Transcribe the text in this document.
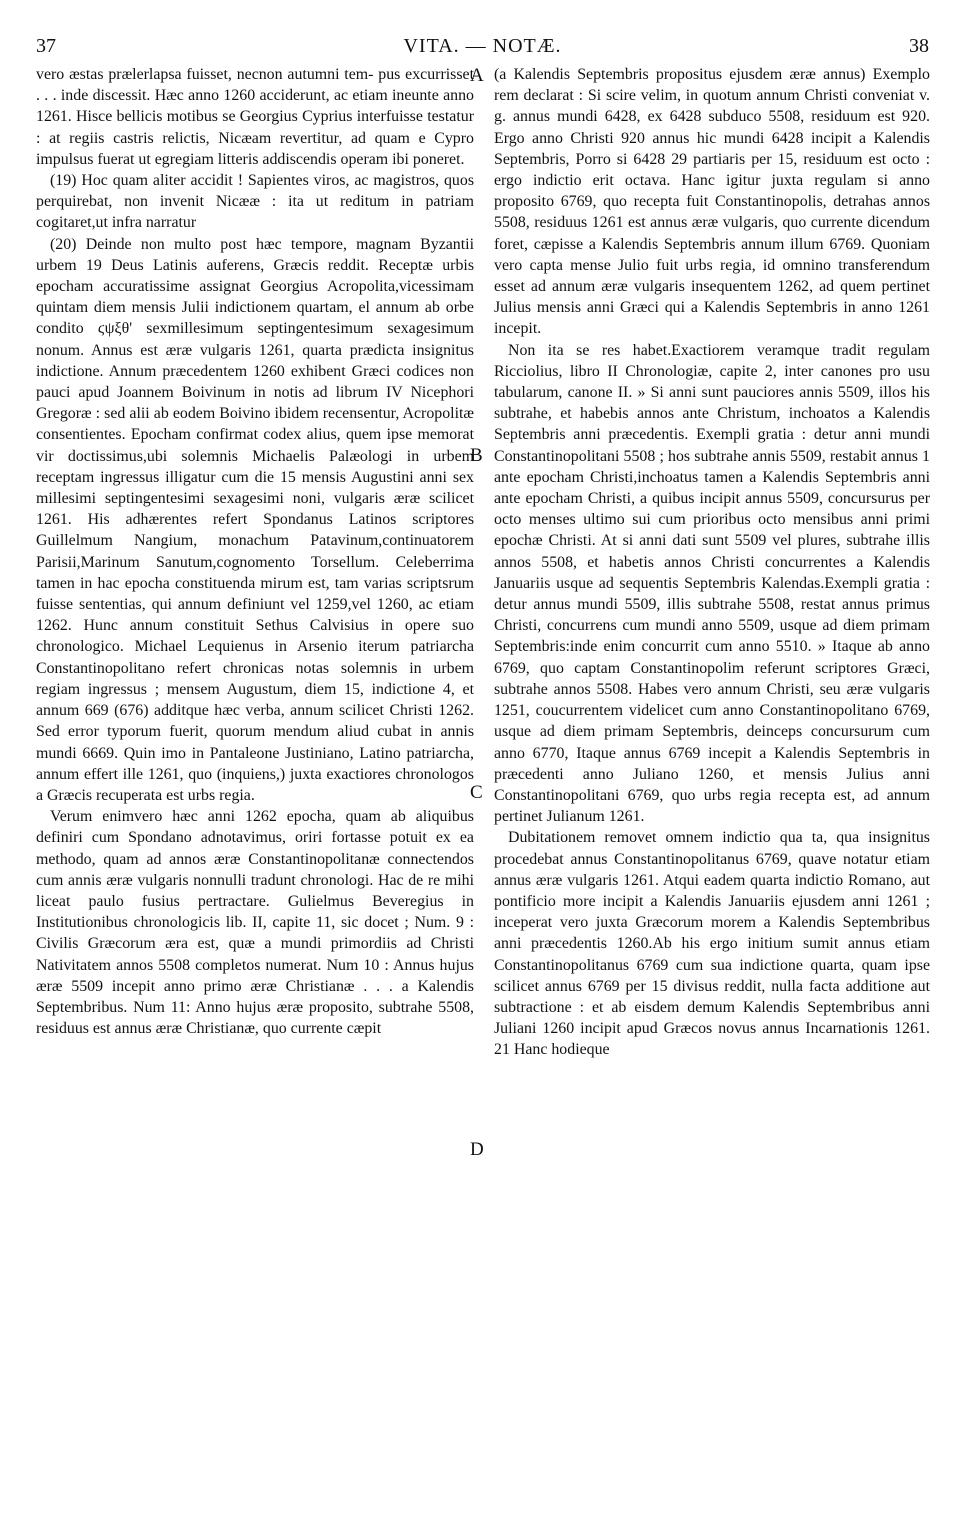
37	VITA. — NOTÆ.	38
A
B
C
D

vero æstas prælerlapsa fuisset, necnon autumni tem- pus excurrisset . . . inde discessit. Hæc anno 1260 acciderunt, ac etiam ineunte anno 1261. Hisce bellicis motibus se Georgius Cyprius interfuisse testatur : at regiis castris relictis, Nicæam revertitur, ad quam e Cypro impulsus fuerat ut egregiam litteris addiscendis operam ibi poneret.

(19) Hoc quam aliter accidit ! Sapientes viros, ac magistros, quos perquirebat, non invenit Nicææ : ita ut reditum in patriam cogitaret,ut infra narratur

(20) Deinde non multo post hæc tempore, magnam Byzantii urbem 19 Deus Latinis auferens, Græcis reddit. Receptæ urbis epocham accuratissime assignat Georgius Acropolita,vicessimam quintam diem mensis Julii indictionem quartam, el annum ab orbe condito ϛψξθ' sexmillesimum septingentesimum sexagesimum nonum. Annus est æræ vulgaris 1261, quarta prædicta insignitus indictione. Annum præcedentem 1260 exhibent Græci codices non pauci apud Joannem Boivinum in notis ad librum IV Nicephori Gregoræ : sed alii ab eodem Boivino ibidem recensentur, Acropolitæ consentientes. Epocham confirmat codex alius, quem ipse memorat vir doctissimus,ubi solemnis Michaelis Palæologi in urbem receptam ingressus illigatur cum die 15 mensis Augustini anni sex millesimi septingentesimi sexagesimi noni, vulgaris æræ scilicet 1261. His adhærentes refert Spondanus Latinos scriptores Guillelmum Nangium, monachum Patavinum,continuatorem Parisii,Marinum Sanutum,cognomento Torsellum. Celeberrima tamen in hac epocha constituenda mirum est, tam varias scriptsrum fuisse sententias, qui annum definiunt vel 1259,vel 1260, ac etiam 1262. Hunc annum constituit Sethus Calvisius in opere suo chronologico. Michael Lequienus in Arsenio iterum patriarcha Constantinopolitano refert chronicas notas solemnis in urbem regiam ingressus ; mensem Augustum, diem 15, indictione 4, et annum 669 (676) additque hæc verba, annum scilicet Christi 1262. Sed error typorum fuerit, quorum mendum aliud cubat in annis mundi 6669. Quin imo in Pantaleone Justiniano, Latino patriarcha, annum effert ille 1261, quo (inquiens,) juxta exactiores chronologos a Græcis recuperata est urbs regia.

Verum enimvero hæc anni 1262 epocha, quam ab aliquibus definiri cum Spondano adnotavimus, oriri fortasse potuit ex ea methodo, quam ad annos æræ Constantinopolitanæ connectendos cum annis æræ vulgaris nonnulli tradunt chronologi. Hac de re mihi liceat paulo fusius pertractare. Gulielmus Beveregius in Institutionibus chronologicis lib. II, capite 11, sic docet ; Num. 9 : Civilis Græcorum æra est, quæ a mundi primordiis ad Christi Nativitatem annos 5508 completos numerat. Num 10 : Annus hujus æræ 5509 incepit anno primo æræ Christianæ . . . a Kalendis Septembribus. Num 11: Anno hujus æræ proposito, subtrahe 5508, residuus est annus æræ Christianæ, quo currente cæpit

(a Kalendis Septembris propositus ejusdem æræ annus) Exemplo rem declarat : Si scire velim, in quotum annum Christi conveniat v. g. annus mundi 6428, ex 6428 subduco 5508, residuum est 920. Ergo anno Christi 920 annus hic mundi 6428 incipit a Kalendis Septembris, Porro si 6428 29 partiaris per 15, residuum est octo : ergo indictio erit octava. Hanc igitur juxta regulam si anno proposito 6769, quo recepta fuit Constantinopolis, detrahas annos 5508, residuus 1261 est annus æræ vulgaris, quo currente dicendum foret, cæpisse a Kalendis Septembris annum illum 6769. Quoniam vero capta mense Julio fuit urbs regia, id omnino transferendum esset ad annum æræ vulgaris insequentem 1262, ad quem pertinet Julius mensis anni Græci qui a Kalendis Septembris in anno 1261 incepit.

Non ita se res habet.Exactiorem veramque tradit regulam Ricciolius, libro II Chronologiæ, capite 2, inter canones pro usu tabularum, canone II. » Si anni sunt pauciores annis 5509, illos his subtrahe, et habebis annos ante Christum, inchoatos a Kalendis Septembris anni præcedentis. Exempli gratia : detur anni mundi Constantinopolitani 5508 ; hos subtrahe annis 5509, restabit annus 1 ante epocham Christi,inchoatus tamen a Kalendis Septembris anni ante epocham Christi, a quibus incipit annus 5509, concursurus per octo menses ultimo sui cum prioribus octo mensibus anni primi epochæ Christi. At si anni dati sunt 5509 vel plures, subtrahe illis annos 5508, et habetis annos Christi concurrentes a Kalendis Januariis usque ad sequentis Septembris Kalendas.Exempli gratia : detur annus mundi 5509, illis subtrahe 5508, restat annus primus Christi, concurrens cum mundi anno 5509, usque ad diem primam Septembris:inde enim concurrit cum anno 5510. » Itaque ab anno 6769, quo captam Constantinopolim referunt scriptores Græci, subtrahe annos 5508. Habes vero annum Christi, seu æræ vulgaris 1251, coucurrentem videlicet cum anno Constantinopolitano 6769, usque ad diem primam Septembris, deinceps concursurum cum anno 6770, Itaque annus 6769 incepit a Kalendis Septembris in præcedenti anno Juliano 1260, et mensis Julius anni Constantinopolitani 6769, quo urbs regia recepta est, ad annum pertinet Julianum 1261.

Dubitationem removet omnem indictio qua ta, qua insignitus procedebat annus Constantinopolitanus 6769, quave notatur etiam annus æræ vulgaris 1261. Atqui eadem quarta indictio Romano, aut pontificio more incipit a Kalendis Januariis ejusdem anni 1261 ; inceperat vero juxta Græcorum morem a Kalendis Septembribus anni præcedentis 1260.Ab his ergo initium sumit annus etiam Constantinopolitanus 6769 cum sua indictione quarta, quam ipse scilicet annus 6769 per 15 divisus reddit, nulla facta additione aut subtractione : et ab eisdem demum Kalendis Septembribus anni Juliani 1260 incipit apud Græcos novus annus Incarnationis 1261. 21 Hanc hodieque
